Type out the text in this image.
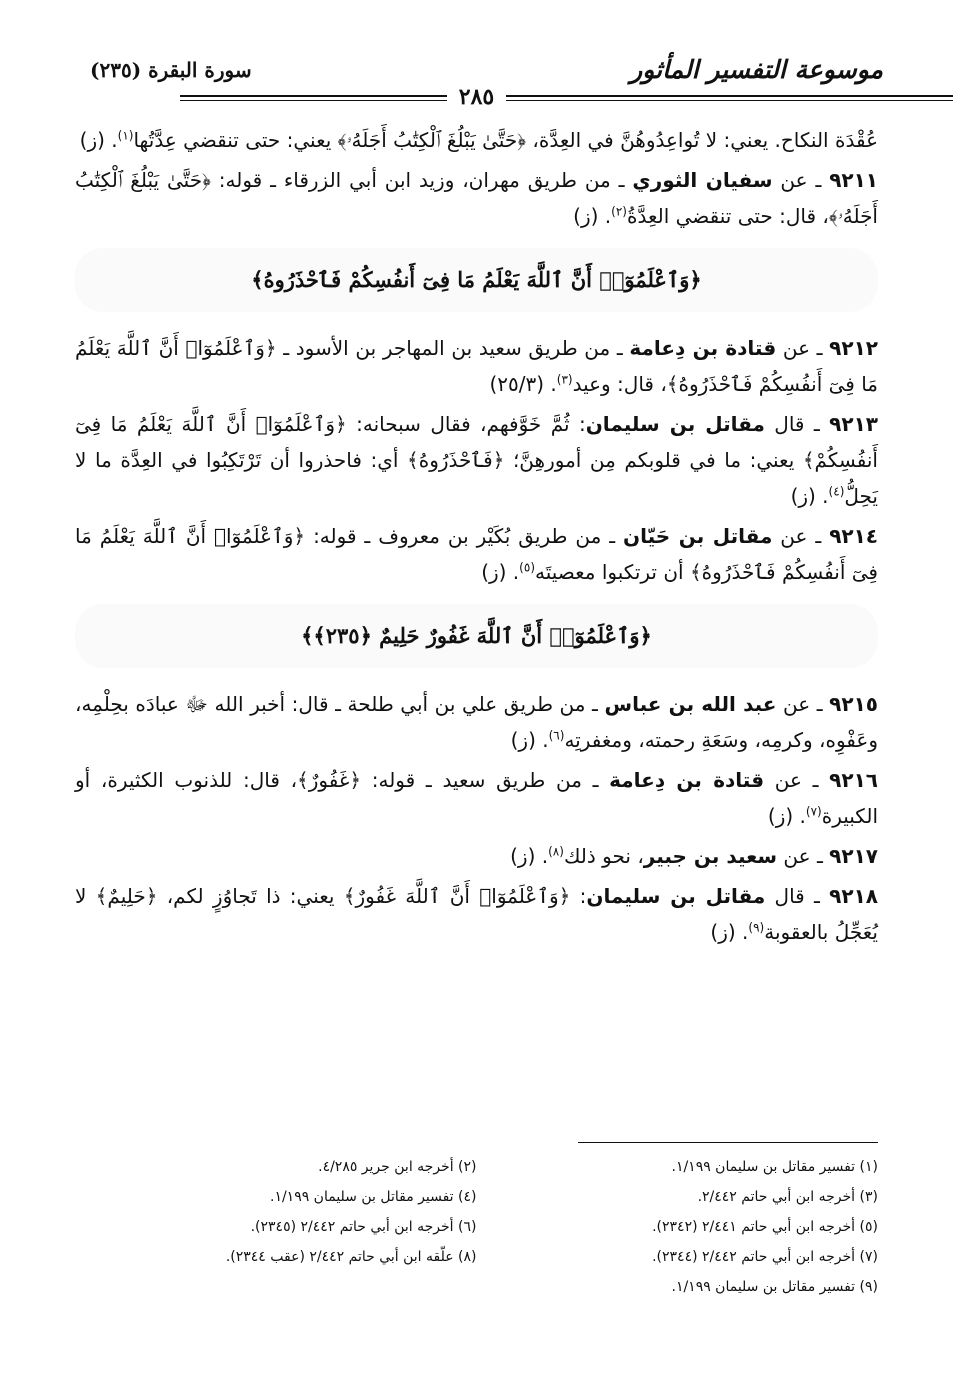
موسوعة التفسير المأثور
سورة البقرة (٢٣٥)
٢٨٥

عُقْدَة النكاح. يعني: لا تُواعِدُوهُنَّ في العِدَّة، ﴿حَتَّىٰ يَبْلُغَ ٱلْكِتَٰبُ أَجَلَهُۥ﴾ يعني: حتى تنقضي عِدَّتُها$^{(١)}$. (ز)

٩٢١١ ـ عن سفيان الثوري ـ من طريق مهران، وزيد ابن أبي الزرقاء ـ قوله: ﴿حَتَّىٰ يَبْلُغَ ٱلْكِتَٰبُ أَجَلَهُۥ﴾، قال: حتى تنقضي العِدَّةُ$^{(٢)}$. (ز)

﴿وَٱعْلَمُوٓا۟ أَنَّ ٱللَّهَ يَعْلَمُ مَا فِىٓ أَنفُسِكُمْ فَٱحْذَرُوهُ﴾

٩٢١٢ ـ عن قتادة بن دِعامة ـ من طريق سعيد بن المهاجر بن الأسود ـ ﴿وَٱعْلَمُوٓا۟ أَنَّ ٱللَّهَ يَعْلَمُ مَا فِىٓ أَنفُسِكُمْ فَٱحْذَرُوهُ﴾، قال: وعيد$^{(٣)}$. (٢٥/٣)

٩٢١٣ ـ قال مقاتل بن سليمان: ثُمَّ خَوَّفهم، فقال سبحانه: ﴿وَٱعْلَمُوٓا۟ أَنَّ ٱللَّهَ يَعْلَمُ مَا فِىٓ أَنفُسِكُمْ﴾ يعني: ما في قلوبكم مِن أمورهِنَّ؛ ﴿فَٱحْذَرُوهُ﴾ أي: فاحذروا أن تَرْتَكِبُوا في العِدَّة ما لا يَحِلُّ$^{(٤)}$. (ز)

٩٢١٤ ـ عن مقاتل بن حَيّان ـ من طريق بُكَيْر بن معروف ـ قوله: ﴿وَٱعْلَمُوٓا۟ أَنَّ ٱللَّهَ يَعْلَمُ مَا فِىٓ أَنفُسِكُمْ فَٱحْذَرُوهُ﴾ أن ترتكبوا معصيتَه$^{(٥)}$. (ز)

﴿وَٱعْلَمُوٓا۟ أَنَّ ٱللَّهَ غَفُورٌ حَلِيمٌ ﴿٢٣٥﴾﴾

٩٢١٥ ـ عن عبد الله بن عباس ـ من طريق علي بن أبي طلحة ـ قال: أخبر الله ﷻ عبادَه بحِلْمِه، وعَفْوِه، وكرمِه، وسَعَةِ رحمته، ومغفرتِه$^{(٦)}$. (ز)

٩٢١٦ ـ عن قتادة بن دِعامة ـ من طريق سعيد ـ قوله: ﴿غَفُورٌ﴾، قال: للذنوب الكثيرة، أو الكبيرة$^{(٧)}$. (ز)

٩٢١٧ ـ عن سعيد بن جبير، نحو ذلك$^{(٨)}$. (ز)

٩٢١٨ ـ قال مقاتل بن سليمان: ﴿وَٱعْلَمُوٓا۟ أَنَّ ٱللَّهَ غَفُورٌ﴾ يعني: ذا تَجاوُزٍ لكم، ﴿حَلِيمٌ﴾ لا يُعَجِّلُ بالعقوبة$^{(٩)}$. (ز)

(١) تفسير مقاتل بن سليمان ١/١٩٩.
(٣) أخرجه ابن أبي حاتم ٢/٤٤٢.
(٥) أخرجه ابن أبي حاتم ٢/٤٤١ (٢٣٤٢).
(٧) أخرجه ابن أبي حاتم ٢/٤٤٢ (٢٣٤٤).
(٩) تفسير مقاتل بن سليمان ١/١٩٩.
(٢) أخرجه ابن جرير ٤/٢٨٥.
(٤) تفسير مقاتل بن سليمان ١/١٩٩.
(٦) أخرجه ابن أبي حاتم ٢/٤٤٢ (٢٣٤٥).
(٨) علّقه ابن أبي حاتم ٢/٤٤٢ (عقب ٢٣٤٤).
